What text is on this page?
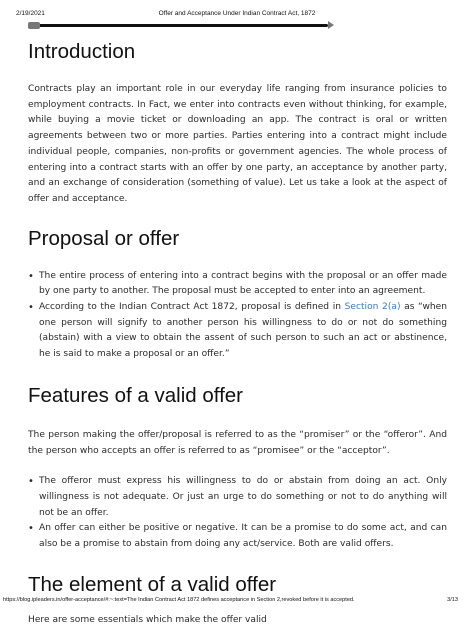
2/19/2021	Offer and Acceptance Under Indian Contract Act, 1872
Introduction

Contracts play an important role in our everyday life ranging from insurance policies to employment contracts. In Fact, we enter into contracts even without thinking, for example, while buying a movie ticket or downloading an app. The contract is oral or written agreements between two or more parties. Parties entering into a contract might include individual people, companies, non-profits or government agencies. The whole process of entering into a contract starts with an offer by one party, an acceptance by another party, and an exchange of consideration (something of value). Let us take a look at the aspect of offer and acceptance.

Proposal or offer
• The entire process of entering into a contract begins with the proposal or an offer made by one party to another. The proposal must be accepted to enter into an agreement.
• According to the Indian Contract Act 1872, proposal is defined in Section 2(a) as “when one person will signify to another person his willingness to do or not do something (abstain) with a view to obtain the assent of such person to such an act or abstinence, he is said to make a proposal or an offer.”
Features of a valid offer

The person making the offer/proposal is referred to as the “promiser” or the “offeror”. And the person who accepts an offer is referred to as “promisee” or the “acceptor”.

• The offeror must express his willingness to do or abstain from doing an act. Only willingness is not adequate. Or just an urge to do something or not to do anything will not be an offer.
• An offer can either be positive or negative. It can be a promise to do some act, and can also be a promise to abstain from doing any act/service. Both are valid offers.
The element of a valid offer

Here are some essentials which make the offer valid

https://blog.ipleaders.in/offer-acceptance/#:~:text=The Indian Contract Act 1872 defines acceptance in Section 2,revoked before it is accepted.	3/13
